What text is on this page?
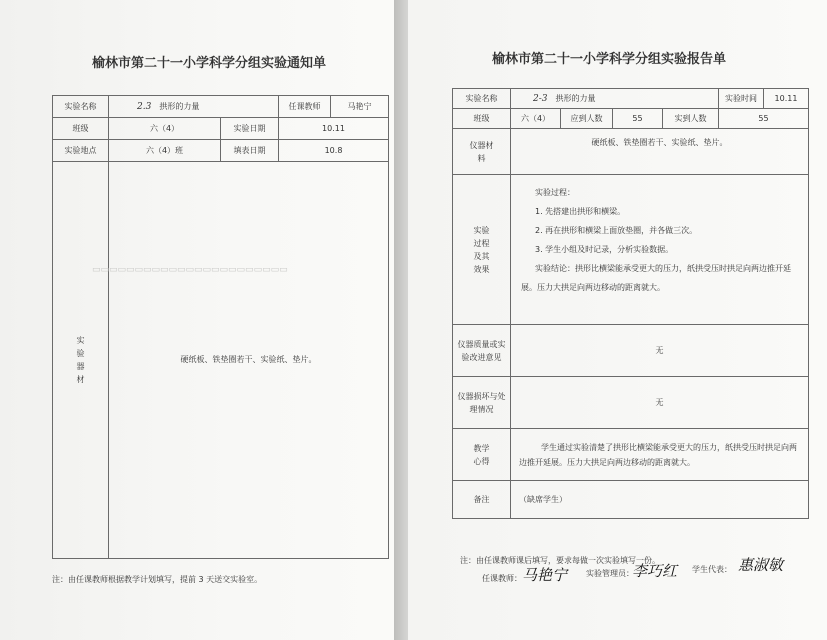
榆林市第二十一小学科学分组实验通知单
实验名称	2.3 拱形的力量		任课教师	马艳宁
班级	六（4）	实验日期	10.11	
实验地点	六（4）班	填表日期	10.8	

实验器材	硬纸板、铁垫圈若干、实验纸、垫片。			
▭▭▭▭▭▭▭▭▭▭▭▭▭▭▭▭▭▭▭▭▭▭▭
注：由任课教师根据教学计划填写，提前 3 天送交实验室。
榆林市第二十一小学科学分组实验报告单
实验名称	2-3 拱形的力量				实验时间	10.11
班级	六（4）	应到人数	55	实到人数	55	

仪器材料	硬纸板、铁垫圈若干、实验纸、垫片。					

实验过程及其效果	实验过程：
1. 先搭建出拱形和横梁。
2. 再在拱形和横梁上面放垫圈，并各做三次。
3. 学生小组及时记录，分析实验数据。
实验结论：拱形比横梁能承受更大的压力，纸拱受压时拱足向两边推开延展。压力大拱足向两边移动的距离就大。					

仪器质量或实验改进意见	无					

仪器损坏与处理情况	无					

教学心得	学生通过实验清楚了拱形比横梁能承受更大的压力，纸拱受压时拱足向两边推开延展。压力大拱足向两边移动的距离就大。					
备注	（缺席学生）					
注：由任课教师课后填写，要求每做一次实验填写一份。
任课教师： 马艳宁 实验管理员：
李巧红 学生代表： 惠淑敏
